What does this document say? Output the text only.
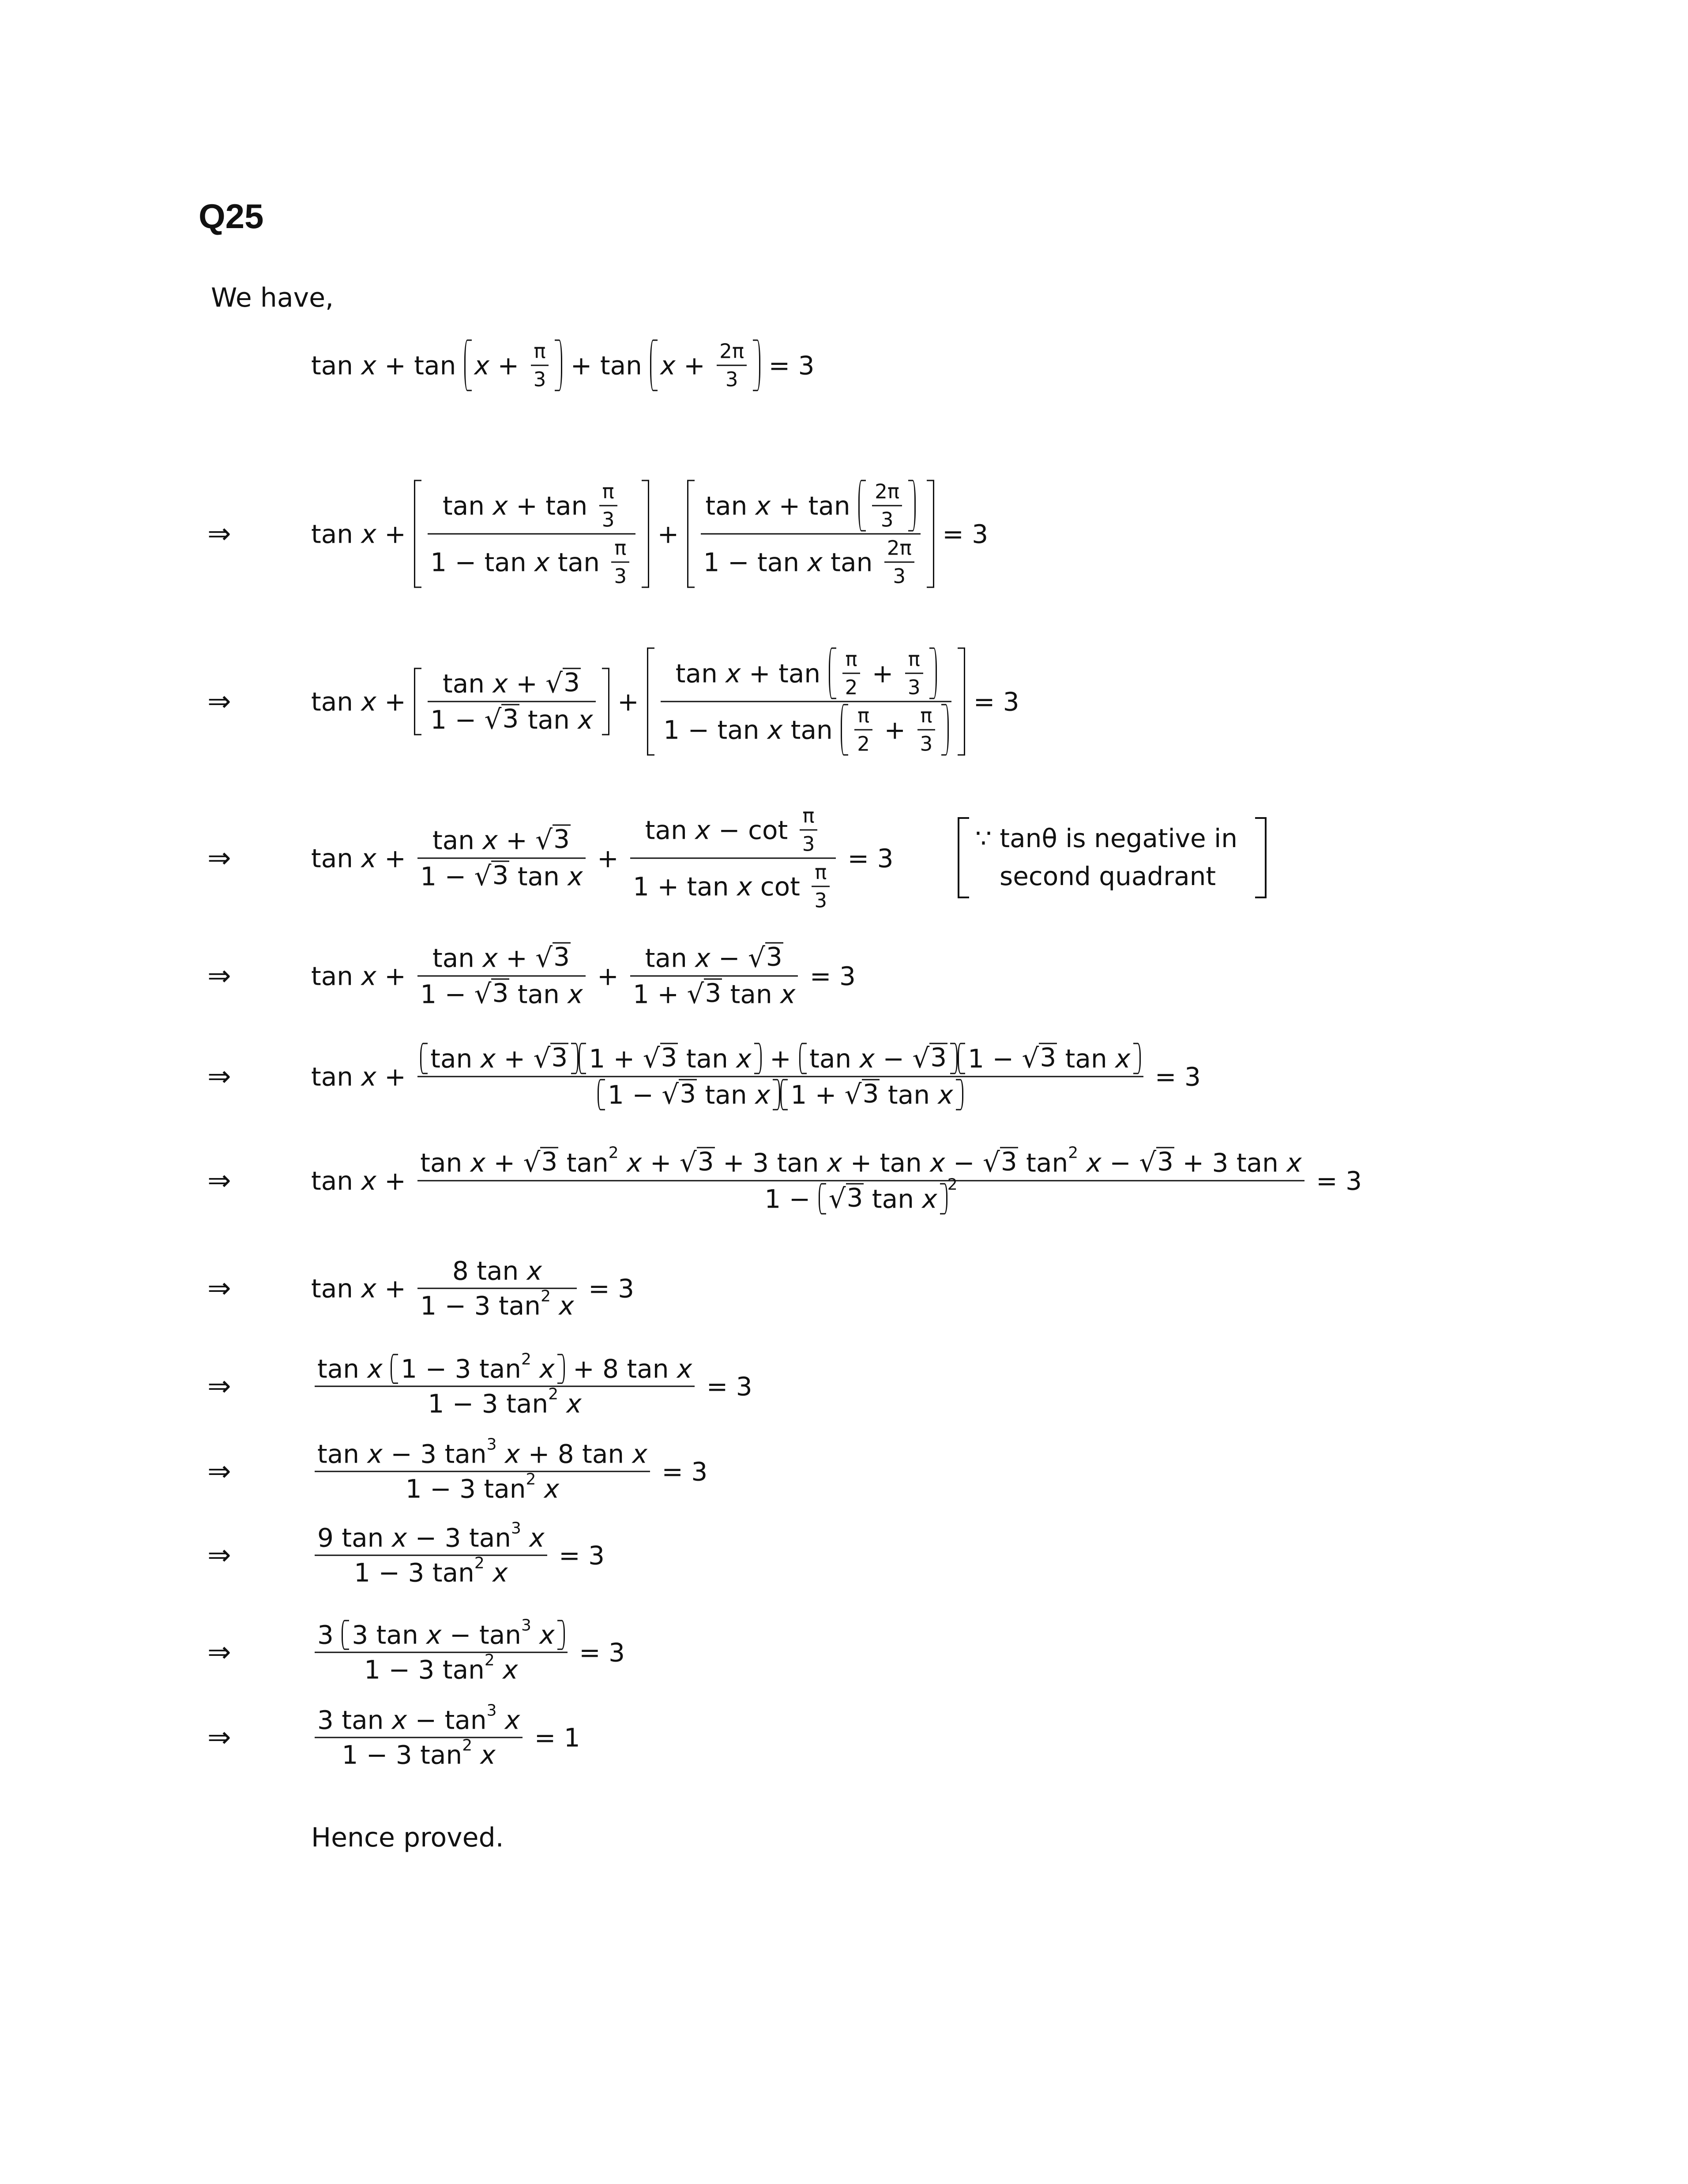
Q25
We have,
$\tan x + \tan x + \frac{\pi}{3} + \tan x + \frac{2\pi}{3} = 3$
⇒	tan x +
tan x + tan π
3
1 − tan x tan π
3
+
tan x + tan 2π
3
1 − tan x tan 2π
3
= 3
⇒	tan x +
tan x + √ 3
1 − √ 3 tan x
+
tan x + tan π
$2 + \frac{\pi}{3}$
1 − tan x tan π
$2 + \frac{\pi}{3}$
= 3
⇒	$\tan x + \frac{\text{tan x + √ 3}}{\text{1 − √ 3 tan x}} + \tan x - \cot \pi$
3
1 + tan x cot π
3 = 3
∵ tanθ is negative in
second quadrant
⇒	$\tan x + \frac{\text{tan x + √ 3}}{\text{1 − √ 3 tan x}} + \frac{\text{tan x − √ 3}}{\text{1 + √ 3 tan x}} = 3$
⇒	$\tan x + \frac{\text{tan x + √ 3 1 + √ 3 tan x + tan x − √ 3 1 − √ 3 tan x}}{\text{1 − √ 3 tan x 1 + √ 3 tan x}} = 3$
⇒	tan x +
tan x + √ 3 tan 2 x + √ 3 + 3 tan x + tan x − √ 3 tan 2 x − √ 3 + 3 tan x
1 − √ 3 tan x 2	= 3
⇒	$\tan x + \frac{\text{8 tan x}}{1 - 3 \tan 2 x} = 3$
⇒	$\frac{\text{tan x 1 − 3 tan 2 x + 8 tan x}}{1 - 3 \tan 2 x} = 3$
⇒	$\frac{\text{tan x − 3 tan 3 x + 8 tan x}}{1 - 3 \tan 2 x} = 3$
⇒	$\frac{\text{9 tan x − 3 tan 3 x}}{1 - 3 \tan 2 x} = 3$
⇒	$\frac{\text{3 3 tan x − tan 3 x}}{1 - 3 \tan 2 x} = 3$
⇒	$\frac{\text{3 tan x − tan 3 x}}{1 - 3 \tan 2 x} = 1$
Hence proved.
